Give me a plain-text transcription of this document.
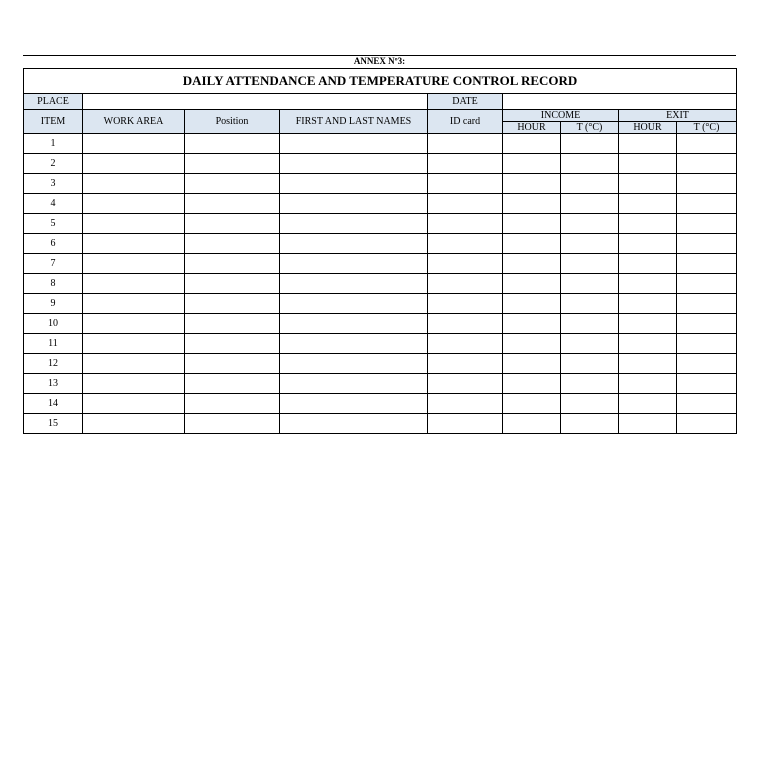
ANNEX Nº3:
DAILY ATTENDANCE AND TEMPERATURE CONTROL RECORD								
PLACE				DATE				
ITEM	WORK AREA	Position	FIRST AND LAST NAMES	ID card	INCOME		EXIT	
					HOUR	T (°C)	HOUR	T (°C)
1								
2								
3								
4								
5								
6								
7								
8								
9								
10								
11								
12								
13								
14								
15								
